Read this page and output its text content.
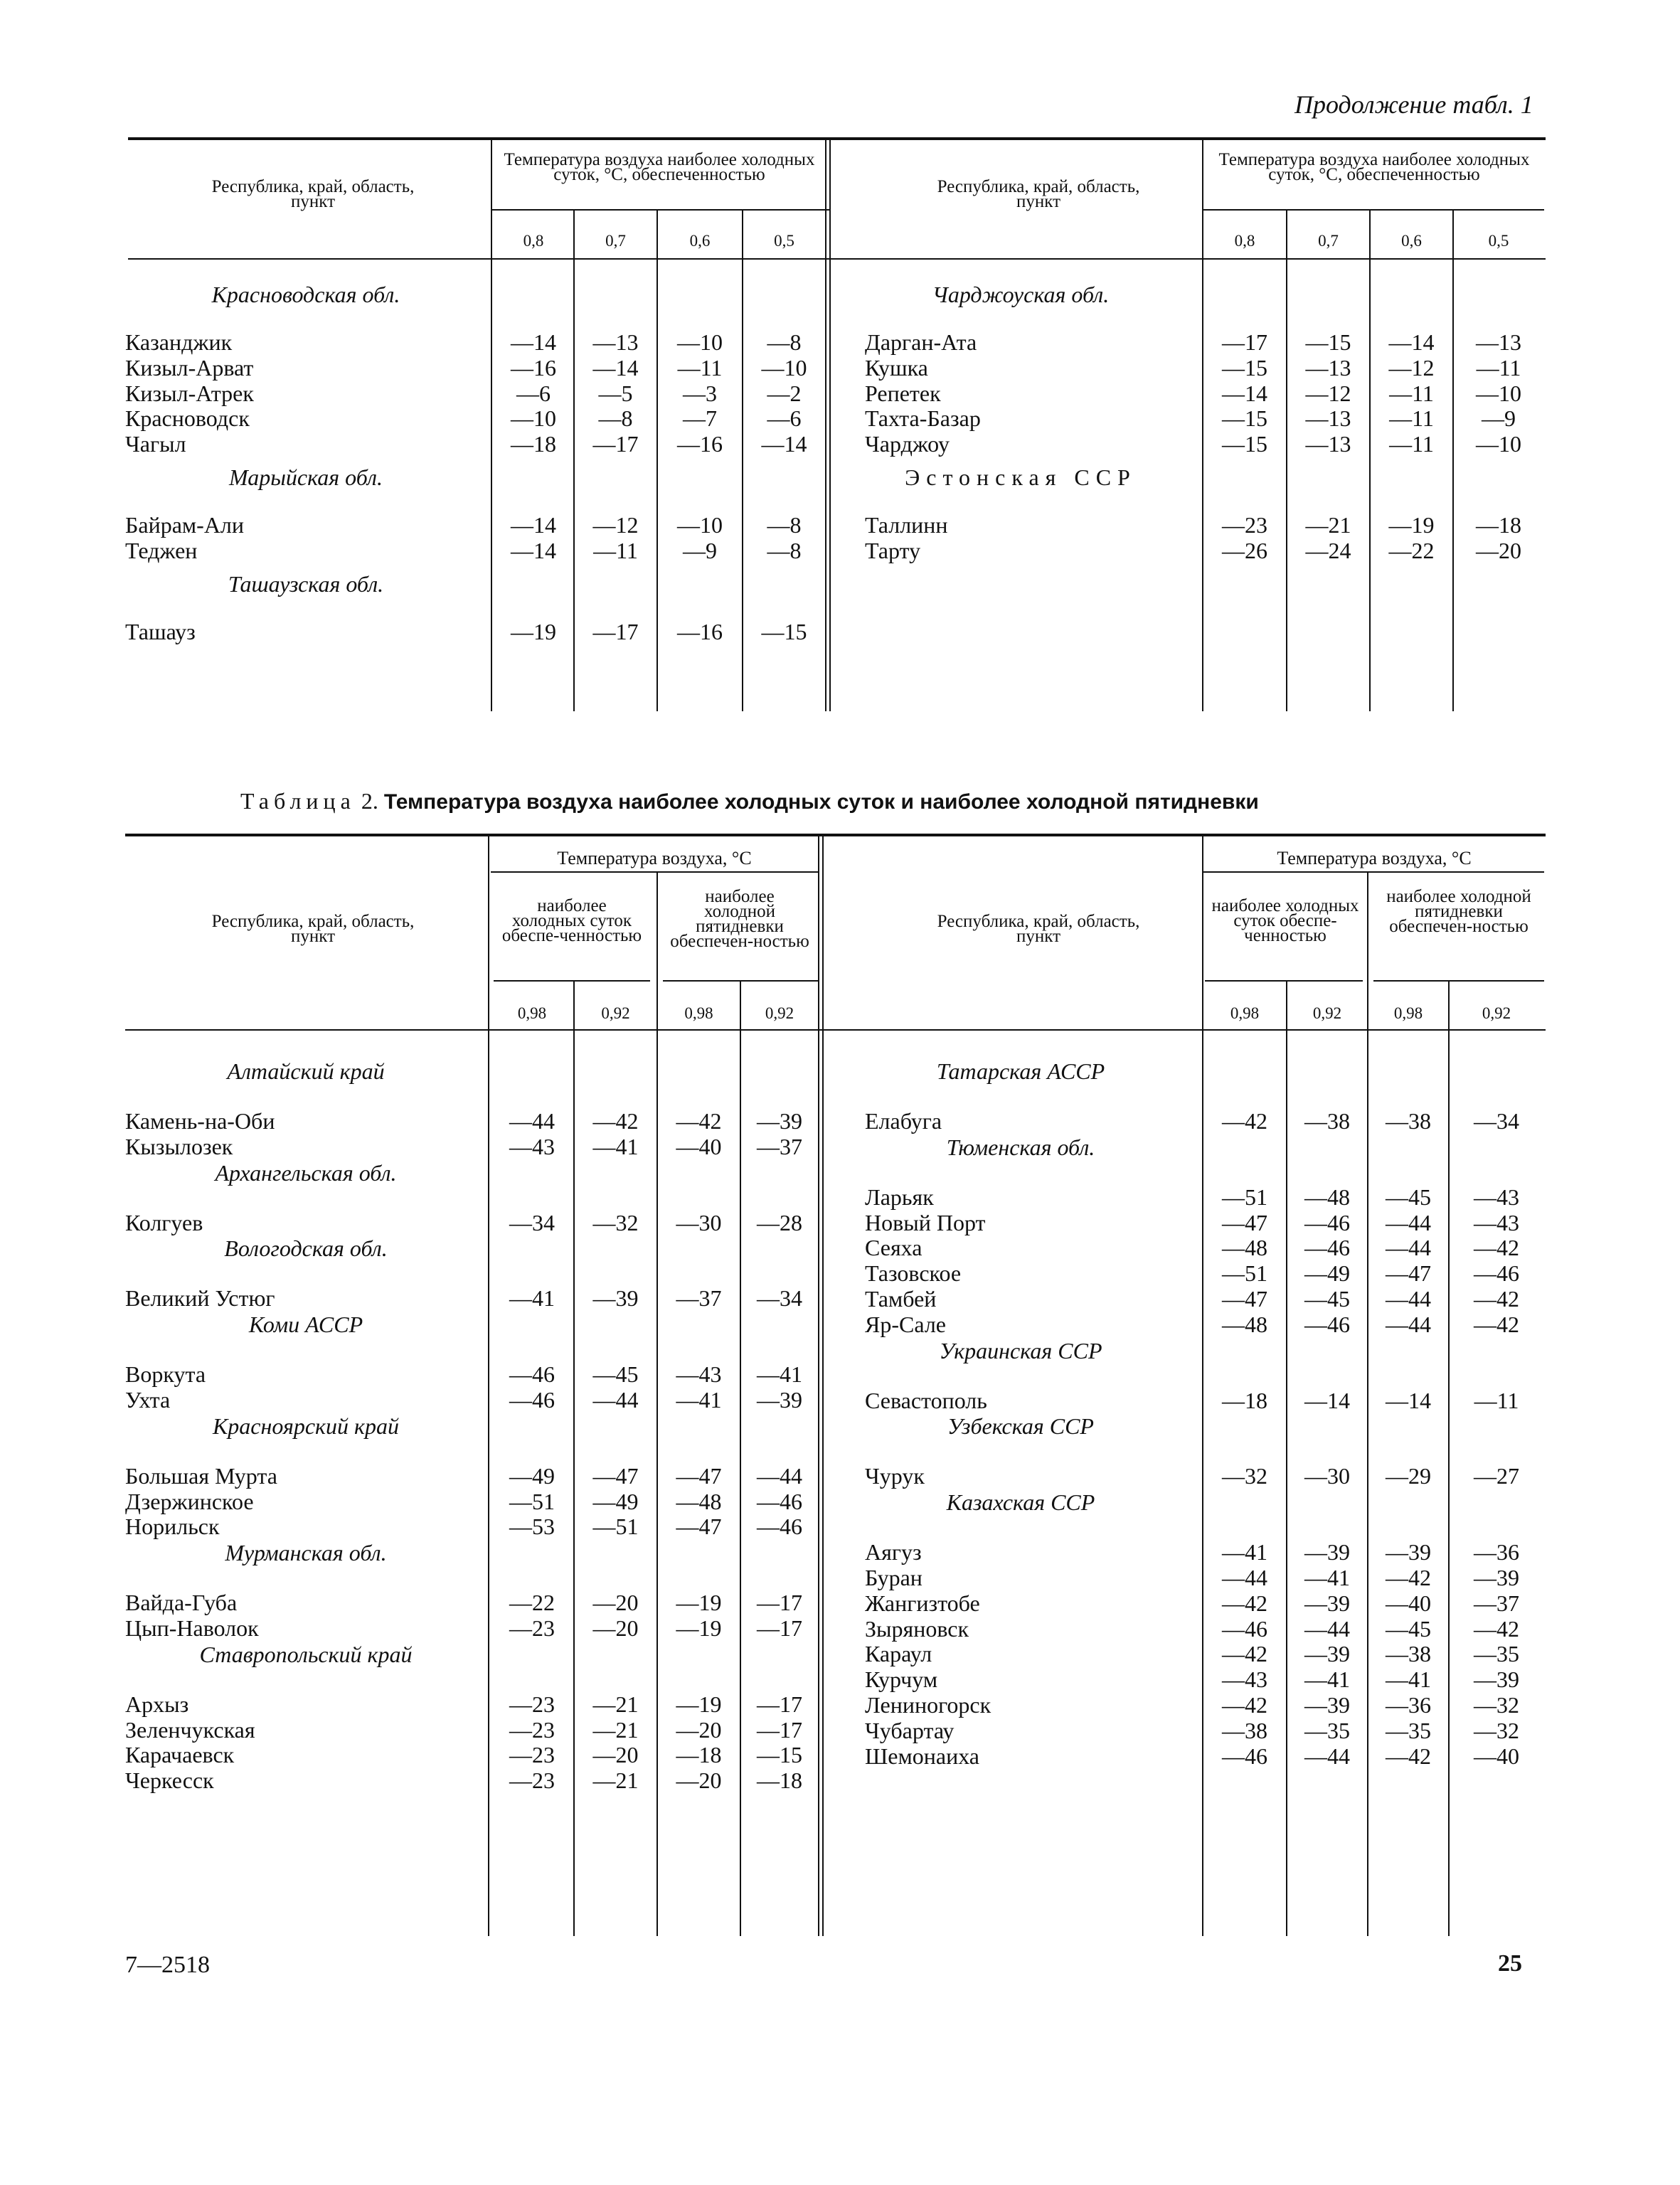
Продолжение табл. 1
Республика, край, область, пункт
Температура воздуха наиболее холодных суток, °С, обеспеченностью
Республика, край, область, пункт
Температура воздуха наиболее холодных суток, °С, обеспеченностью
0,8	0,7	0,6	0,5	0,8	0,7	0,6	0,5
Красноводская обл.
Казанджик	—14	—13	—10	—8
Кизыл-Арват	—16	—14	—11	—10
Кизыл-Атрек	—6	—5	—3	—2
Красноводск	—10	—8	—7	—6
Чагыл	—18	—17	—16	—14
Марыйская обл.
Байрам-Али	—14	—12	—10	—8
Теджен	—14	—11	—9	—8
Ташаузская обл.
Ташауз	—19	—17	—16	—15
Чарджоуская обл.
Дарган-Ата	—17	—15	—14	—13
Кушка	—15	—13	—12	—11
Репетек	—14	—12	—11	—10
Тахта-Базар	—15	—13	—11	—9
Чарджоу	—15	—13	—11	—10
Эстонская ССР
Таллинн	—23	—21	—19	—18
Тарту	—26	—24	—22	—20
Таблица 2. Температура воздуха наиболее холодных суток и наиболее холодной пятидневки
Республика, край, область, пункт
Температура воздуха, °С
наиболее холодных суток обеспе-ченностью
наиболее холодной пятидневки обеспечен-ностью
Республика, край, область, пункт
Температура воздуха, °С
наиболее холодных суток обеспе-ченностью
наиболее холодной пятидневки обеспечен-ностью
0,98	0,92	0,98	0,92	0,98	0,92	0,98	0,92
Алтайский край
Камень-на-Оби	—44	—42	—42	—39
Кызылозек	—43	—41	—40	—37
Архангельская обл.
Колгуев	—34	—32	—30	—28
Вологодская обл.
Великий Устюг	—41	—39	—37	—34
Коми АССР
Воркута	—46	—45	—43	—41
Ухта	—46	—44	—41	—39
Красноярский край
Большая Мурта	—49	—47	—47	—44
Дзержинское	—51	—49	—48	—46
Норильск	—53	—51	—47	—46
Мурманская обл.
Вайда-Губа	—22	—20	—19	—17
Цып-Наволок	—23	—20	—19	—17
Ставропольский край
Архыз	—23	—21	—19	—17
Зеленчукская	—23	—21	—20	—17
Карачаевск	—23	—20	—18	—15
Черкесск	—23	—21	—20	—18
Татарская АССР
Елабуга	—42	—38	—38	—34
Тюменская обл.
Ларьяк	—51	—48	—45	—43
Новый Порт	—47	—46	—44	—43
Сеяха	—48	—46	—44	—42
Тазовское	—51	—49	—47	—46
Тамбей	—47	—45	—44	—42
Яр-Сале	—48	—46	—44	—42
Украинская ССР
Севастополь	—18	—14	—14	—11
Узбекская ССР
Чурук	—32	—30	—29	—27
Казахская ССР
Аягуз	—41	—39	—39	—36
Буран	—44	—41	—42	—39
Жангизтобе	—42	—39	—40	—37
Зыряновск	—46	—44	—45	—42
Караул	—42	—39	—38	—35
Курчум	—43	—41	—41	—39
Лениногорск	—42	—39	—36	—32
Чубартау	—38	—35	—35	—32
Шемонаиха	—46	—44	—42	—40
7—2518	25
